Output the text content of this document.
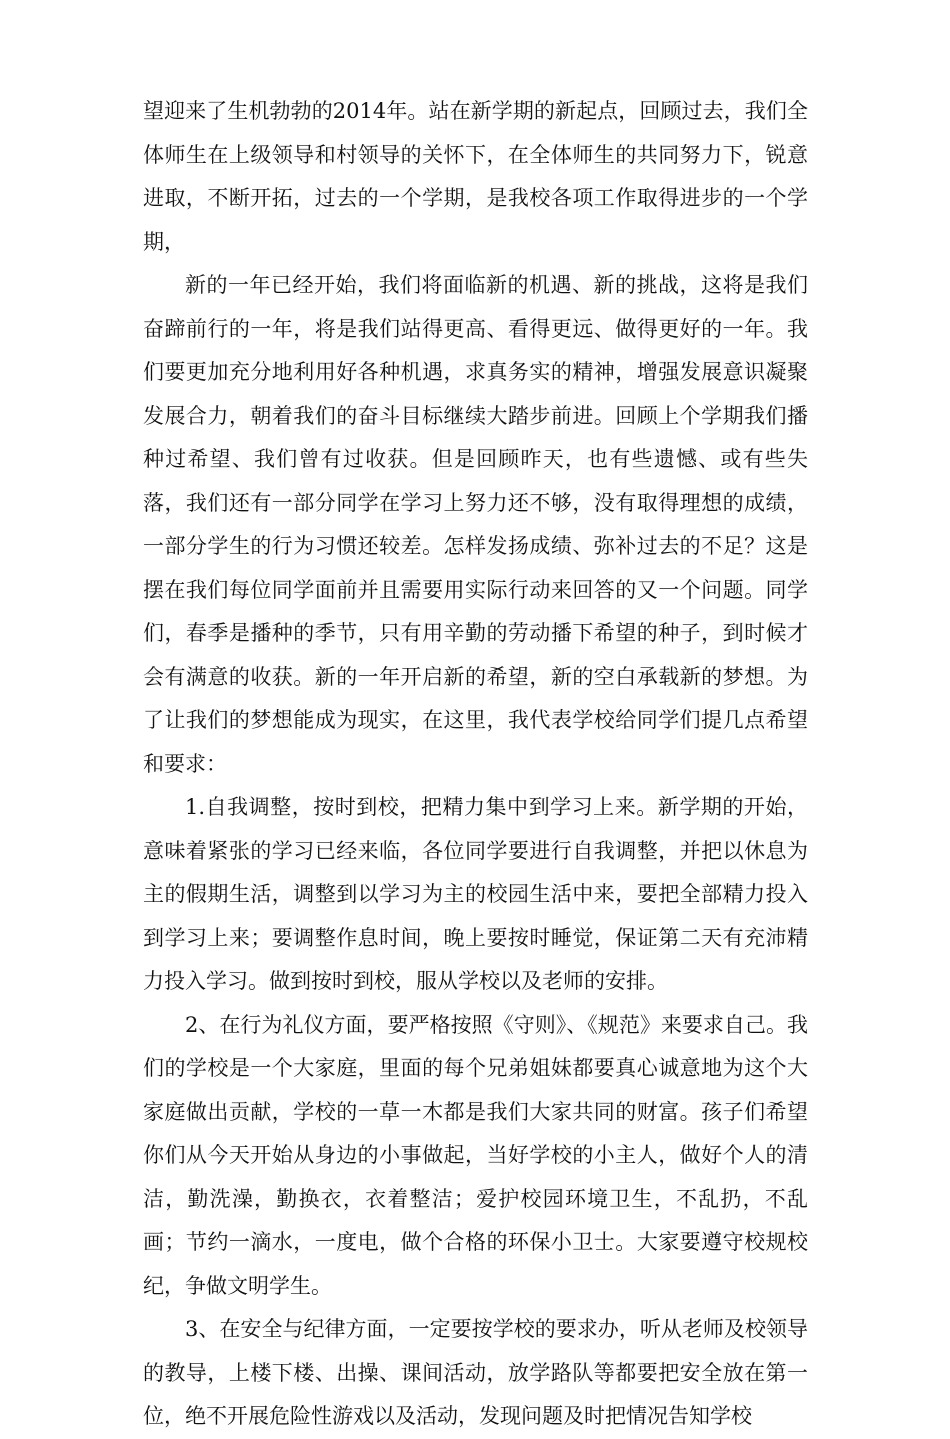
望迎来了生机勃勃的2014年。站在新学期的新起点，回顾过去，我们全体师生在上级领导和村领导的关怀下，在全体师生的共同努力下，锐意进取，不断开拓，过去的一个学期，是我校各项工作取得进步的一个学期，

新的一年已经开始，我们将面临新的机遇、新的挑战，这将是我们奋蹄前行的一年，将是我们站得更高、看得更远、做得更好的一年。我们要更加充分地利用好各种机遇，求真务实的精神，增强发展意识凝聚发展合力，朝着我们的奋斗目标继续大踏步前进。回顾上个学期我们播种过希望、我们曾有过收获。但是回顾昨天，也有些遗憾、或有些失落，我们还有一部分同学在学习上努力还不够，没有取得理想的成绩，一部分学生的行为习惯还较差。怎样发扬成绩、弥补过去的不足？这是摆在我们每位同学面前并且需要用实际行动来回答的又一个问题。同学们，春季是播种的季节，只有用辛勤的劳动播下希望的种子，到时候才会有满意的收获。新的一年开启新的希望，新的空白承载新的梦想。为了让我们的梦想能成为现实，在这里，我代表学校给同学们提几点希望和要求：

1.自我调整，按时到校，把精力集中到学习上来。新学期的开始，意味着紧张的学习已经来临，各位同学要进行自我调整，并把以休息为主的假期生活，调整到以学习为主的校园生活中来，要把全部精力投入到学习上来；要调整作息时间，晚上要按时睡觉，保证第二天有充沛精力投入学习。做到按时到校，服从学校以及老师的安排。

2、在行为礼仪方面，要严格按照《守则》、《规范》来要求自己。我们的学校是一个大家庭，里面的每个兄弟姐妹都要真心诚意地为这个大家庭做出贡献，学校的一草一木都是我们大家共同的财富。孩子们希望你们从今天开始从身边的小事做起，当好学校的小主人，做好个人的清洁，勤洗澡，勤换衣，衣着整洁；爱护校园环境卫生，不乱扔，不乱画；节约一滴水，一度电，做个合格的环保小卫士。大家要遵守校规校纪，争做文明学生。

3、在安全与纪律方面，一定要按学校的要求办，听从老师及校领导的教导，上楼下楼、出操、课间活动，放学路队等都要把安全放在第一位，绝不开展危险性游戏以及活动，发现问题及时把情况告知学校
